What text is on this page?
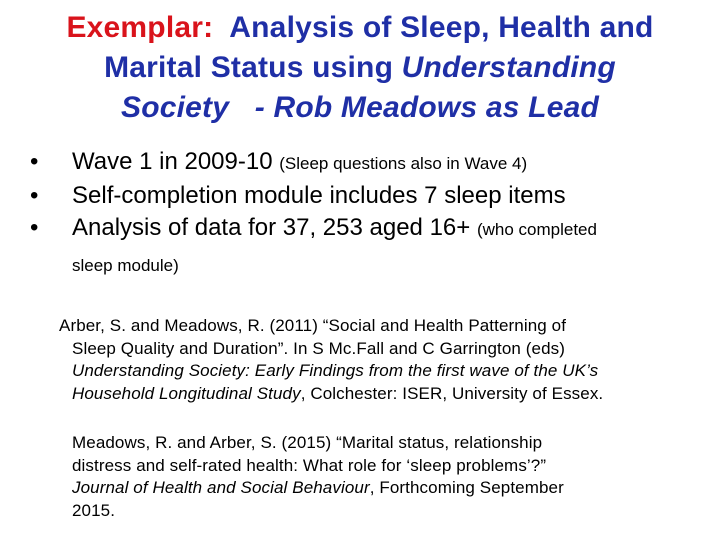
Exemplar: Analysis of Sleep, Health and
Marital Status using Understanding
Society - Rob Meadows as Lead
• Wave 1 in 2009-10 (Sleep questions also in Wave 4)
• Self-completion module includes 7 sleep items
• Analysis of data for 37, 253 aged 16+ (who completed
sleep module)
Arber, S. and Meadows, R. (2011) “Social and Health Patterning of
Sleep Quality and Duration”. In S Mc.Fall and C Garrington (eds)
Understanding Society: Early Findings from the first wave of the UK’s
Household Longitudinal Study, Colchester: ISER, University of Essex.
Meadows, R. and Arber, S. (2015) “Marital status, relationship
distress and self-rated health: What role for ‘sleep problems’?”
Journal of Health and Social Behaviour, Forthcoming September
2015.
